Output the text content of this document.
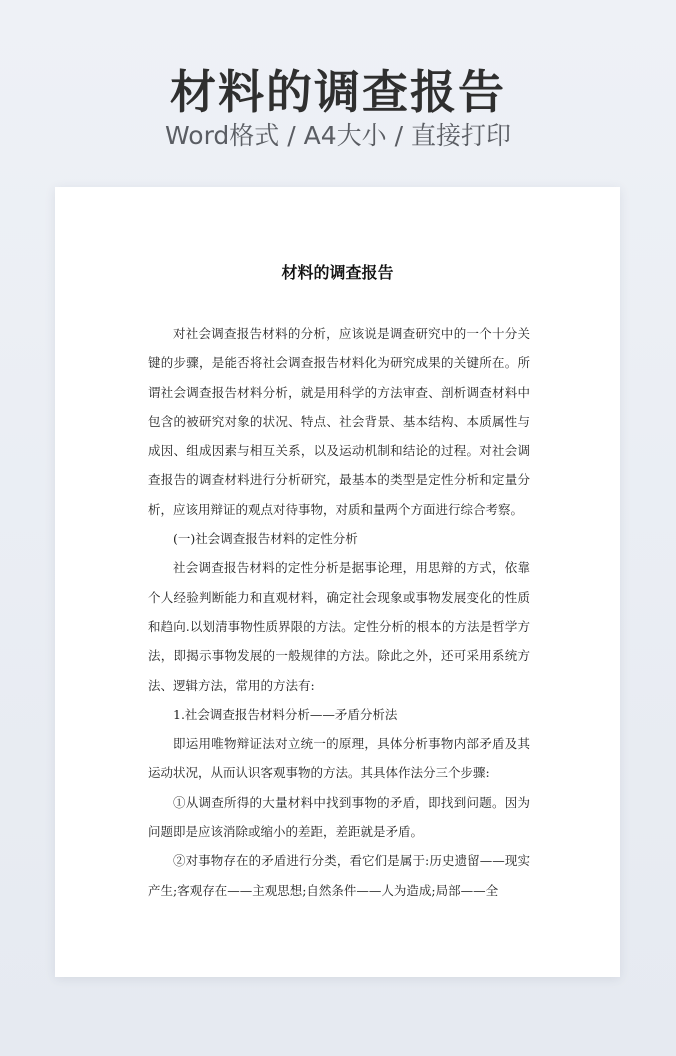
材料的调查报告
Word格式 / A4大小 / 直接打印
材料的调查报告

对社会调查报告材料的分析，应该说是调查研究中的一个十分关键的步骤，是能否将社会调查报告材料化为研究成果的关键所在。所谓社会调查报告材料分析，就是用科学的方法审查、剖析调查材料中包含的被研究对象的状况、特点、社会背景、基本结构、本质属性与成因、组成因素与相互关系，以及运动机制和结论的过程。对社会调查报告的调查材料进行分析研究，最基本的类型是定性分析和定量分析，应该用辩证的观点对待事物，对质和量两个方面进行综合考察。

(一)社会调查报告材料的定性分析

社会调查报告材料的定性分析是据事论理，用思辩的方式，依靠个人经验判断能力和直观材料，确定社会现象或事物发展变化的性质和趋向.以划清事物性质界限的方法。定性分析的根本的方法是哲学方法，即揭示事物发展的一般规律的方法。除此之外，还可采用系统方法、逻辑方法，常用的方法有:

1.社会调查报告材料分析——矛盾分析法

即运用唯物辩证法对立统一的原理，具体分析事物内部矛盾及其运动状况，从而认识客观事物的方法。其具体作法分三个步骤:

①从调查所得的大量材料中找到事物的矛盾，即找到问题。因为问题即是应该消除或缩小的差距，差距就是矛盾。

②对事物存在的矛盾进行分类，看它们是属于:历史遗留——现实产生;客观存在——主观思想;自然条件——人为造成;局部——全
